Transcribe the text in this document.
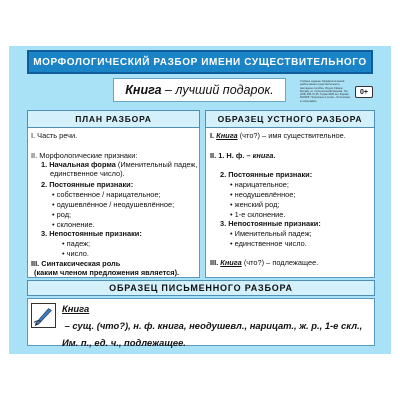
МОРФОЛОГИЧЕСКИЙ РАЗБОР ИМЕНИ СУЩЕСТВИТЕЛЬНОГО
Книга – лучший подарок.
Учебное издание. Морфологический разбор имени существительного. Наглядное пособие. Изд-во Сфера. Москва, ул. Сельскохозяйственная. Тел. (495) 656-72-05. Тираж 3000 экз. Формат 60х90/8. Подписано в печать. Отпечатано в типографии.
0+
ПЛАН РАЗБОРА
I. Часть речи.
II. Морфологические признаки:
1. Начальная форма (Именительный падеж,
единственное число).
2. Постоянные признаки:
• собственное / нарицательное;
• одушевлённое / неодушевлённое;
• род;
• склонение.
3. Непостоянные признаки:
• падеж;
• число.
III. Синтаксическая роль
(каким членом предложения является).
ОБРАЗЕЦ УСТНОГО РАЗБОРА
I. Книга (что?) – имя существительное.
II. 1. Н. ф. – книга.
2. Постоянные признаки:
• нарицательное;
• неодушевлённое;
• женский род;
• 1-е склонение.
3. Непостоянные признаки:
• Именительный падеж;
• единственное число.
III. Книга (что?) – подлежащее.
ОБРАЗЕЦ ПИСЬМЕННОГО РАЗБОРА
Книга – сущ. (что?), н. ф. книга, неодушевл., нарицат., ж. р., 1-е скл.,
Им. п., ед. ч., подлежащее.
